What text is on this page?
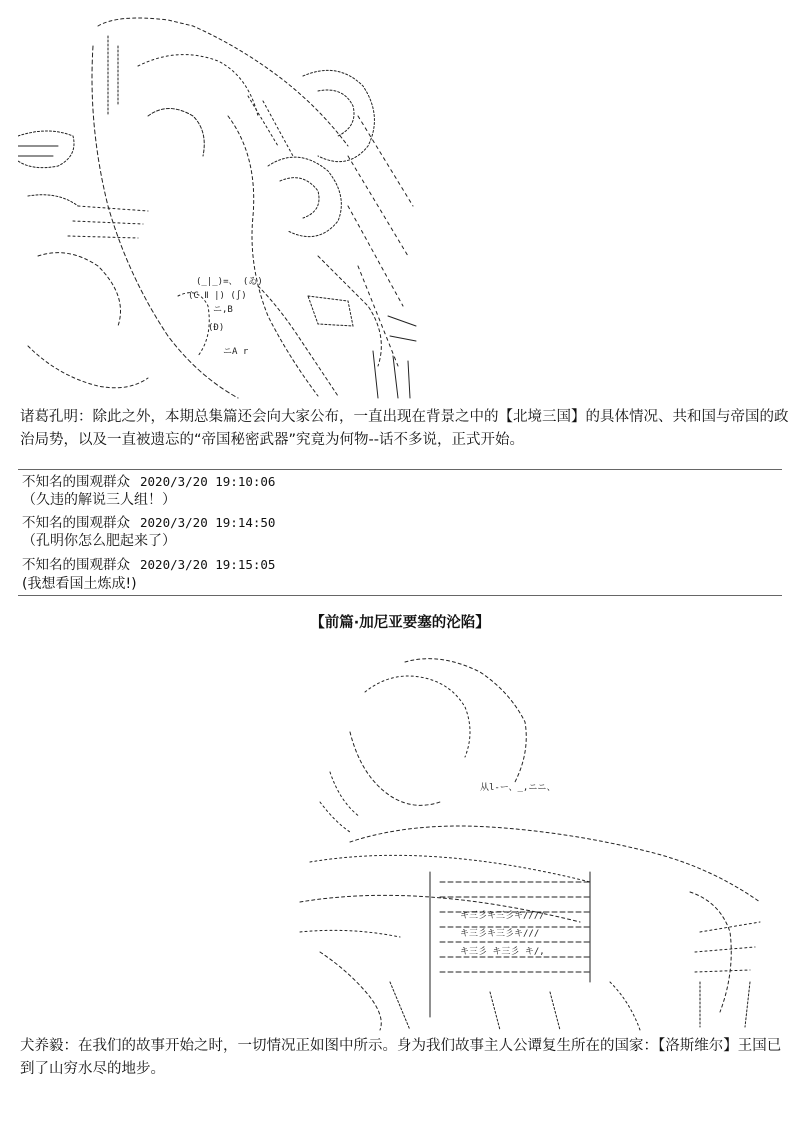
(_|_)=、 (ゐ)
(C Ⅱ |) (∫)
ニ,B
(Ð)
ニA r
诸葛孔明：除此之外，本期总集篇还会向大家公布，一直出现在背景之中的【北境三国】的具体情况、共和国与帝国的政治局势，以及一直被遗忘的“帝国秘密武器”究竟为何物--话不多说，正式开始。
不知名的围观群众 2020/3/20 19:10:06
（久违的解说三人组！）
不知名的围观群众 2020/3/20 19:14:50
（孔明你怎么肥起来了）
不知名的围观群众 2020/3/20 19:15:05
(我想看国土炼成!)
【前篇·加尼亚要塞的沦陷】
从l‐ー、_,ニニ、
キ三彡キ三彡キ////
キ三彡キ三彡キ///
キ三彡 キ三彡 キ/,
犬养毅：在我们的故事开始之时，一切情况正如图中所示。身为我们故事主人公谭复生所在的国家：【洛斯维尔】王国已到了山穷水尽的地步。
